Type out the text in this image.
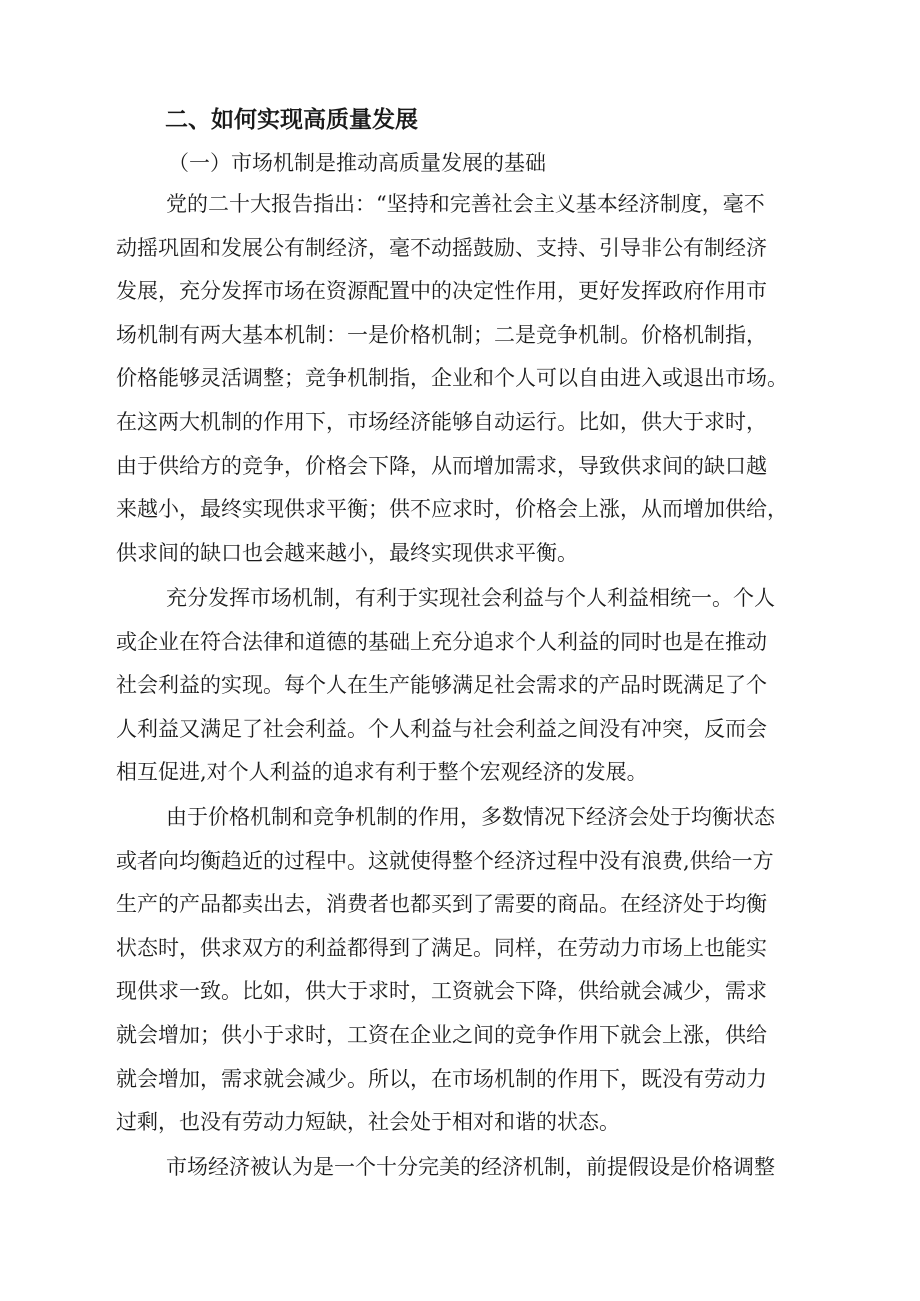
二、如何实现高质量发展
（一）市场机制是推动高质量发展的基础
党的二十大报告指出：“坚持和完善社会主义基本经济制度，毫不
动摇巩固和发展公有制经济，毫不动摇鼓励、支持、引导非公有制经济
发展，充分发挥市场在资源配置中的决定性作用，更好发挥政府作用市
场机制有两大基本机制：一是价格机制；二是竞争机制。价格机制指，
价格能够灵活调整；竞争机制指，企业和个人可以自由进入或退出市场。
在这两大机制的作用下，市场经济能够自动运行。比如，供大于求时，
由于供给方的竞争，价格会下降，从而增加需求，导致供求间的缺口越
来越小，最终实现供求平衡；供不应求时，价格会上涨，从而增加供给，
供求间的缺口也会越来越小，最终实现供求平衡。
充分发挥市场机制，有利于实现社会利益与个人利益相统一。个人
或企业在符合法律和道德的基础上充分追求个人利益的同时也是在推动
社会利益的实现。每个人在生产能够满足社会需求的产品时既满足了个
人利益又满足了社会利益。个人利益与社会利益之间没有冲突，反而会
相互促进,对个人利益的追求有利于整个宏观经济的发展。
由于价格机制和竞争机制的作用，多数情况下经济会处于均衡状态
或者向均衡趋近的过程中。这就使得整个经济过程中没有浪费,供给一方
生产的产品都卖出去，消费者也都买到了需要的商品。在经济处于均衡
状态时，供求双方的利益都得到了满足。同样，在劳动力市场上也能实
现供求一致。比如，供大于求时，工资就会下降，供给就会减少，需求
就会增加；供小于求时，工资在企业之间的竞争作用下就会上涨，供给
就会增加，需求就会减少。所以，在市场机制的作用下，既没有劳动力
过剩，也没有劳动力短缺，社会处于相对和谐的状态。
市场经济被认为是一个十分完美的经济机制，前提假设是价格调整
